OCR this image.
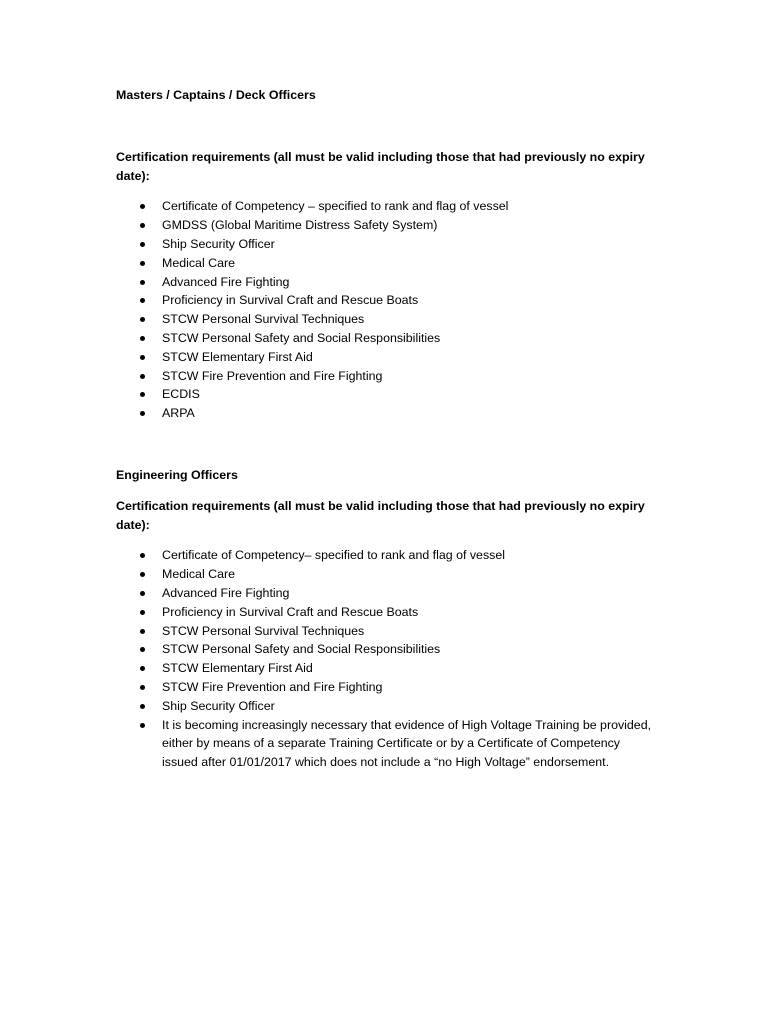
Masters / Captains / Deck Officers

Certification requirements (all must be valid including those that had previously no expiry date):

Certificate of Competency – specified to rank and flag of vessel
GMDSS (Global Maritime Distress Safety System)
Ship Security Officer
Medical Care
Advanced Fire Fighting
Proficiency in Survival Craft and Rescue Boats
STCW Personal Survival Techniques
STCW Personal Safety and Social Responsibilities
STCW Elementary First Aid
STCW Fire Prevention and Fire Fighting
ECDIS
ARPA

Engineering Officers

Certification requirements (all must be valid including those that had previously no expiry date):

Certificate of Competency– specified to rank and flag of vessel
Medical Care
Advanced Fire Fighting
Proficiency in Survival Craft and Rescue Boats
STCW Personal Survival Techniques
STCW Personal Safety and Social Responsibilities
STCW Elementary First Aid
STCW Fire Prevention and Fire Fighting
Ship Security Officer
It is becoming increasingly necessary that evidence of High Voltage Training be provided, either by means of a separate Training Certificate or by a Certificate of Competency issued after 01/01/2017 which does not include a “no High Voltage” endorsement.
